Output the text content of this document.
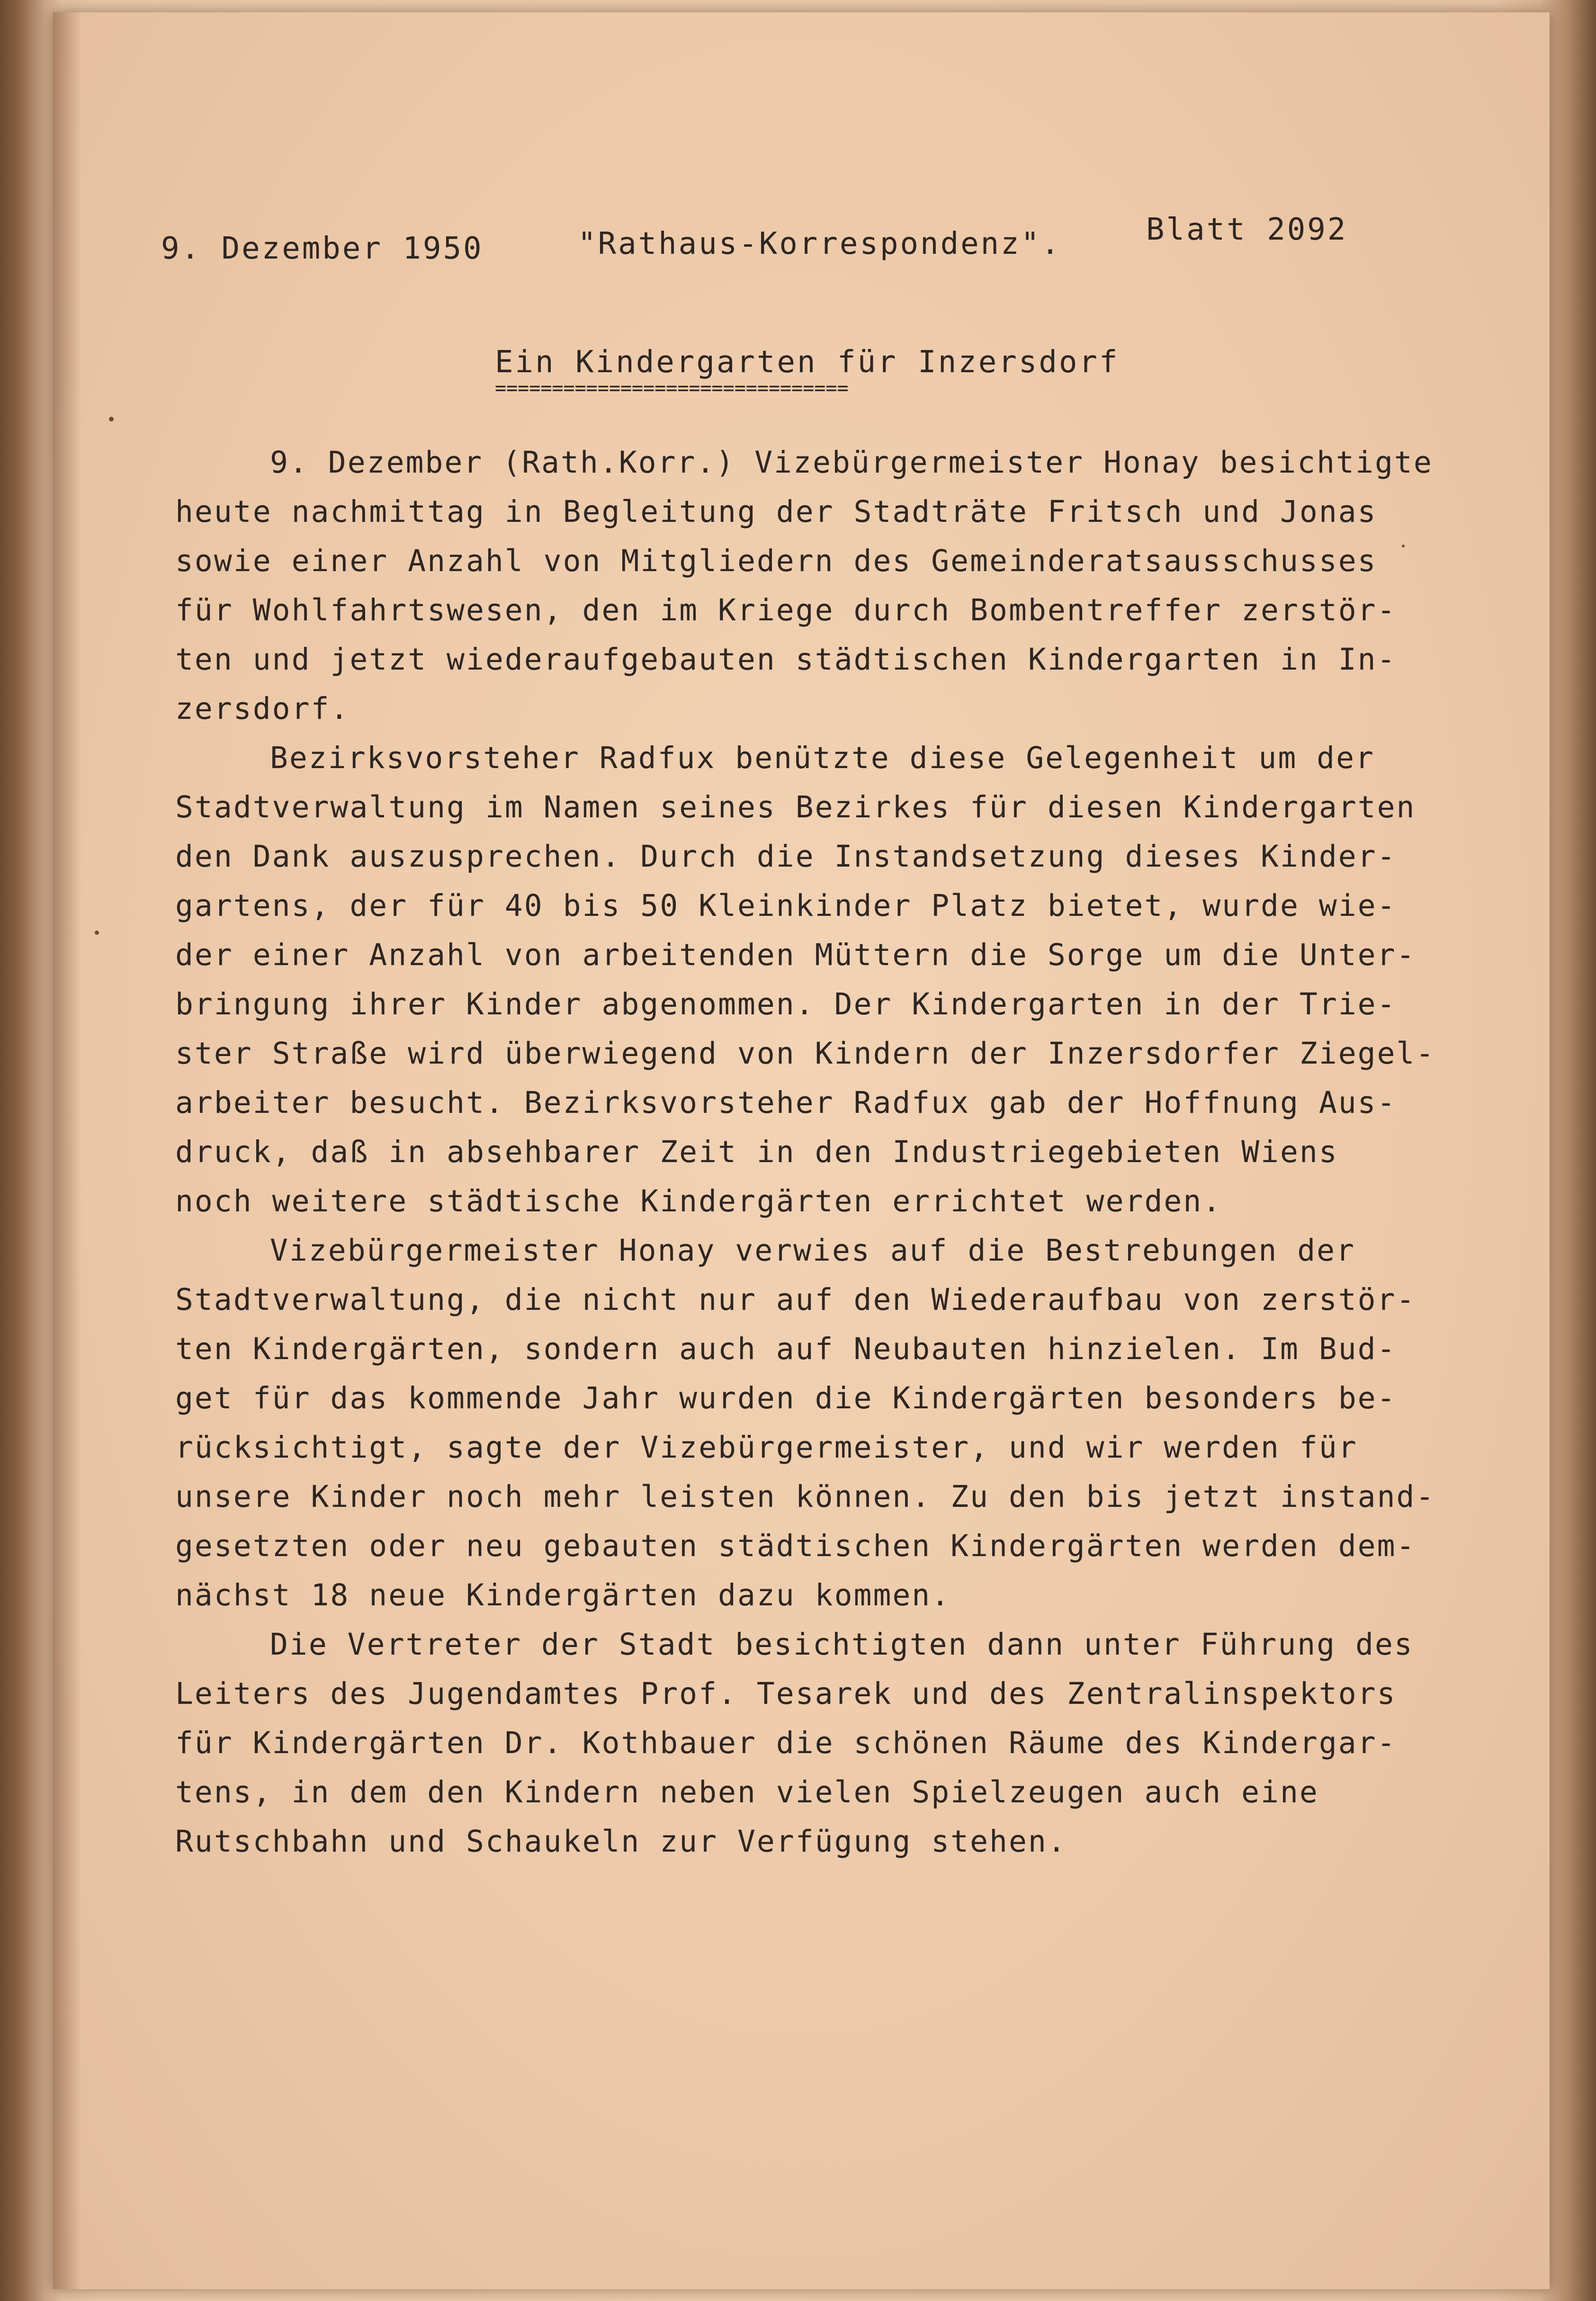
9. Dezember 1950	"Rathaus-Korrespondenz".	Blatt 2092
Ein Kindergarten für Inzersdorf
===============================
9. Dezember (Rath.Korr.) Vizebürgermeister Honay besichtigte
heute nachmittag in Begleitung der Stadträte Fritsch und Jonas
sowie einer Anzahl von Mitgliedern des Gemeinderatsausschusses
für Wohlfahrtswesen, den im Kriege durch Bombentreffer zerstör-
ten und jetzt wiederaufgebauten städtischen Kindergarten in In-
zersdorf.
Bezirksvorsteher Radfux benützte diese Gelegenheit um der
Stadtverwaltung im Namen seines Bezirkes für diesen Kindergarten
den Dank auszusprechen. Durch die Instandsetzung dieses Kinder-
gartens, der für 40 bis 50 Kleinkinder Platz bietet, wurde wie-
der einer Anzahl von arbeitenden Müttern die Sorge um die Unter-
bringung ihrer Kinder abgenommen. Der Kindergarten in der Trie-
ster Straße wird überwiegend von Kindern der Inzersdorfer Ziegel-
arbeiter besucht. Bezirksvorsteher Radfux gab der Hoffnung Aus-
druck, daß in absehbarer Zeit in den Industriegebieten Wiens
noch weitere städtische Kindergärten errichtet werden.
Vizebürgermeister Honay verwies auf die Bestrebungen der
Stadtverwaltung, die nicht nur auf den Wiederaufbau von zerstör-
ten Kindergärten, sondern auch auf Neubauten hinzielen. Im Bud-
get für das kommende Jahr wurden die Kindergärten besonders be-
rücksichtigt, sagte der Vizebürgermeister, und wir werden für
unsere Kinder noch mehr leisten können. Zu den bis jetzt instand-
gesetzten oder neu gebauten städtischen Kindergärten werden dem-
nächst 18 neue Kindergärten dazu kommen.
Die Vertreter der Stadt besichtigten dann unter Führung des
Leiters des Jugendamtes Prof. Tesarek und des Zentralinspektors
für Kindergärten Dr. Kothbauer die schönen Räume des Kindergar-
tens, in dem den Kindern neben vielen Spielzeugen auch eine
Rutschbahn und Schaukeln zur Verfügung stehen.
